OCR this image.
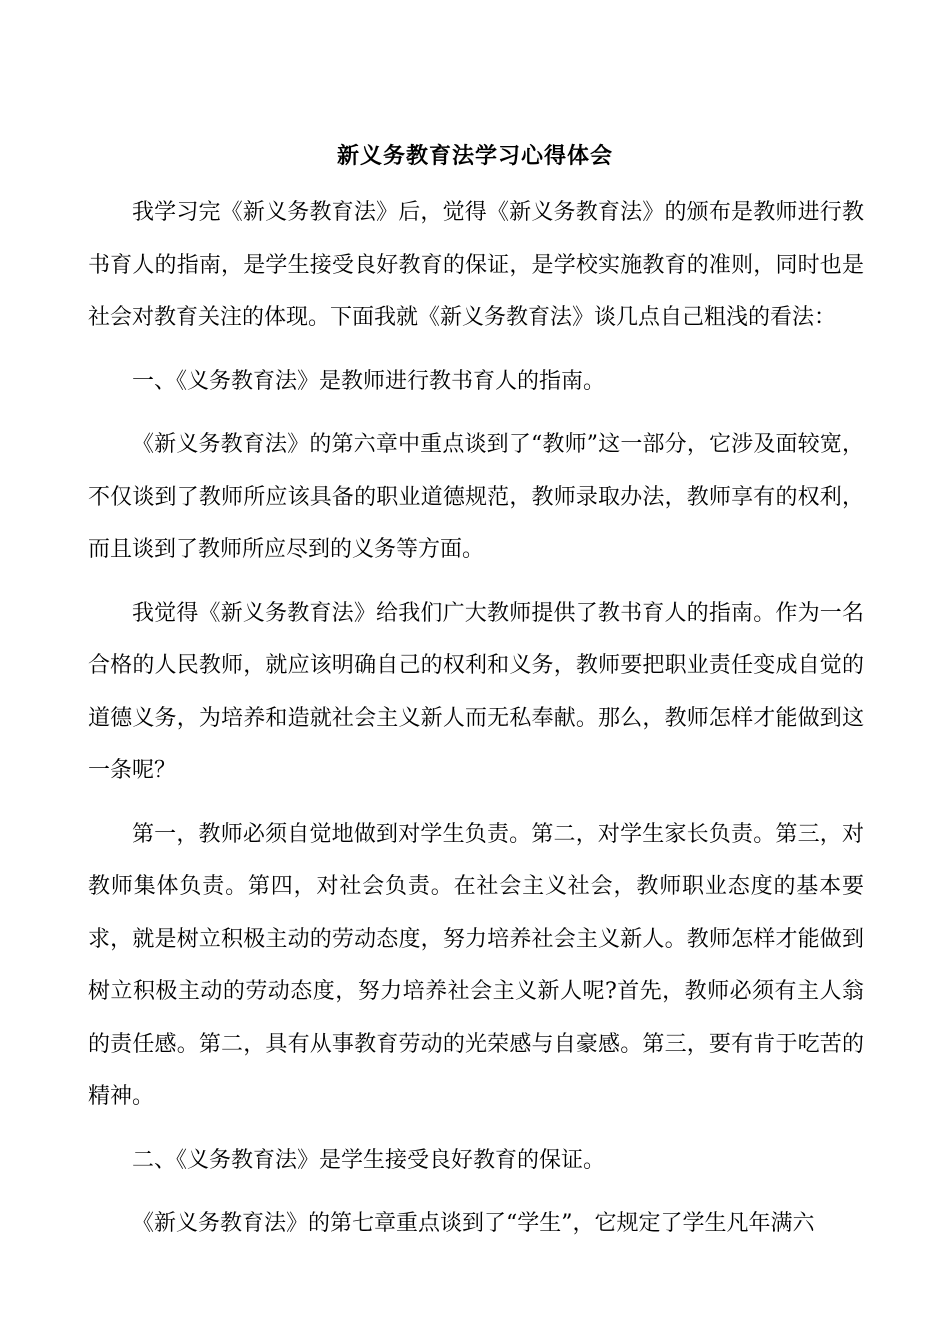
新义务教育法学习心得体会

我学习完《新义务教育法》后，觉得《新义务教育法》的颁布是教师进行教书育人的指南，是学生接受良好教育的保证，是学校实施教育的准则，同时也是社会对教育关注的体现。下面我就《新义务教育法》谈几点自己粗浅的看法：

一、《义务教育法》是教师进行教书育人的指南。

《新义务教育法》的第六章中重点谈到了“教师”这一部分，它涉及面较宽，不仅谈到了教师所应该具备的职业道德规范，教师录取办法，教师享有的权利，而且谈到了教师所应尽到的义务等方面。

我觉得《新义务教育法》给我们广大教师提供了教书育人的指南。作为一名合格的人民教师，就应该明确自己的权利和义务，教师要把职业责任变成自觉的道德义务，为培养和造就社会主义新人而无私奉献。那么，教师怎样才能做到这一条呢？

第一，教师必须自觉地做到对学生负责。第二，对学生家长负责。第三，对教师集体负责。第四，对社会负责。在社会主义社会，教师职业态度的基本要求，就是树立积极主动的劳动态度，努力培养社会主义新人。教师怎样才能做到树立积极主动的劳动态度，努力培养社会主义新人呢?首先，教师必须有主人翁的责任感。第二，具有从事教育劳动的光荣感与自豪感。第三，要有肯于吃苦的精神。

二、《义务教育法》是学生接受良好教育的保证。

《新义务教育法》的第七章重点谈到了“学生”，它规定了学生凡年满六
